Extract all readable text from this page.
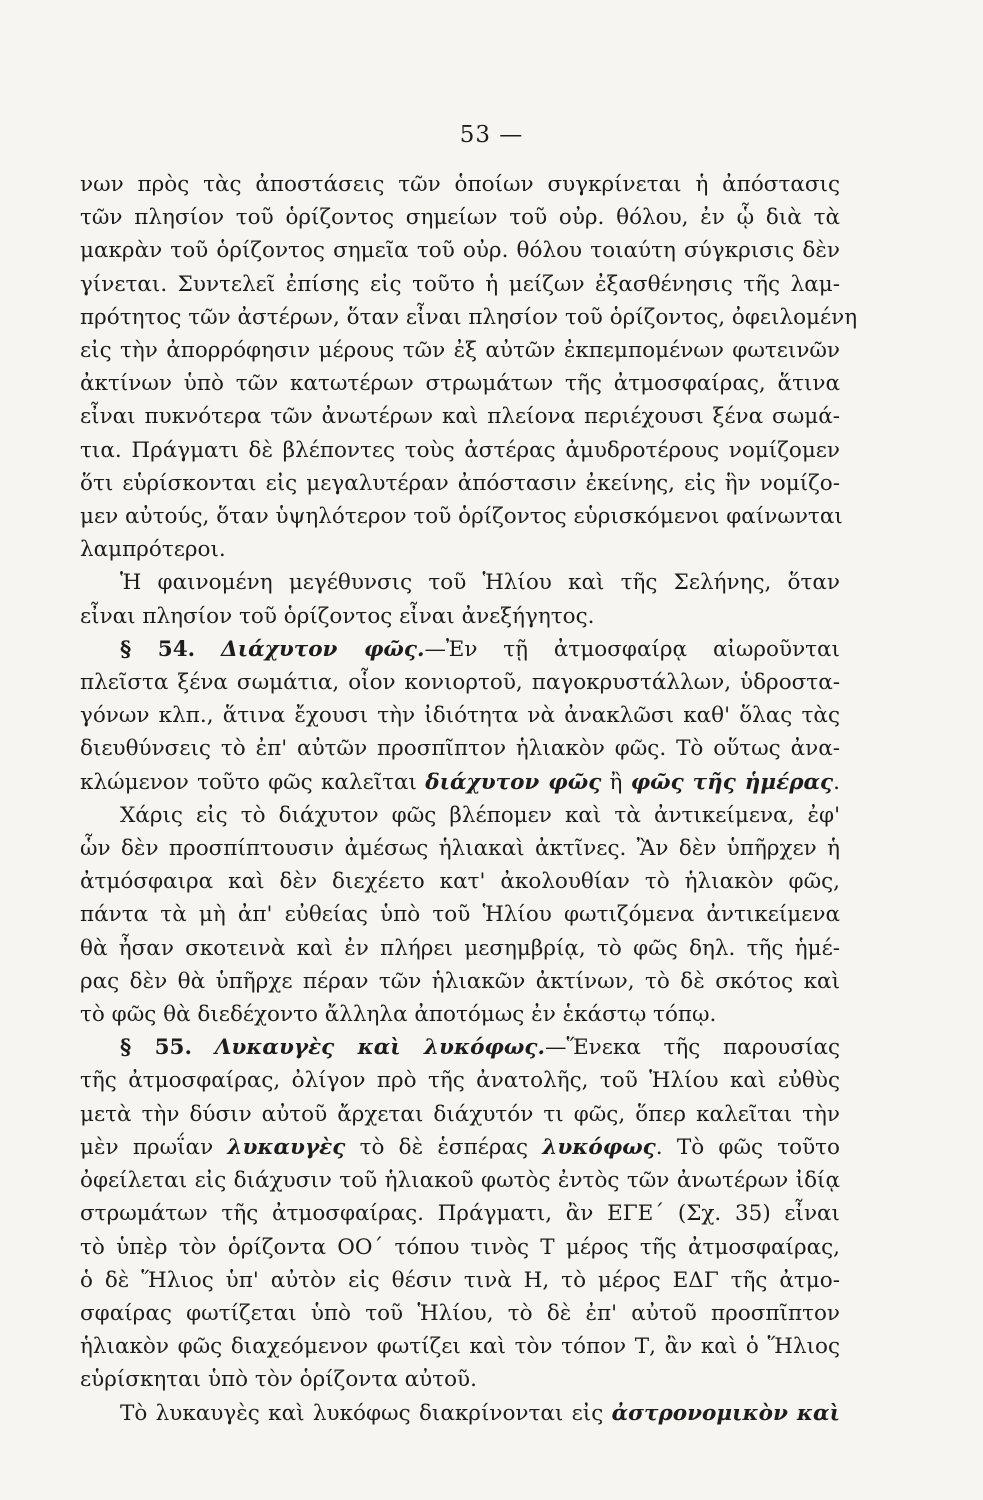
53 —
νων πρὸς τὰς ἀποστάσεις τῶν ὁποίων συγκρίνεται ἡ ἀπόστασις
τῶν πλησίον τοῦ ὁρίζοντος σημείων τοῦ οὐρ. θόλου, ἐν ᾧ διὰ τὰ
μακρὰν τοῦ ὁρίζοντος σημεῖα τοῦ οὐρ. θόλου τοιαύτη σύγκρισις δὲν
γίνεται. Συντελεῖ ἐπίσης εἰς τοῦτο ἡ μείζων ἐξασθένησις τῆς λαμ-
πρότητος τῶν ἀστέρων, ὅταν εἶναι πλησίον τοῦ ὁρίζοντος, ὀφειλομένη
εἰς τὴν ἀπορρόφησιν μέρους τῶν ἐξ αὐτῶν ἐκπεμπομένων φωτεινῶν
ἀκτίνων ὑπὸ τῶν κατωτέρων στρωμάτων τῆς ἀτμοσφαίρας, ἅτινα
εἶναι πυκνότερα τῶν ἀνωτέρων καὶ πλείονα περιέχουσι ξένα σωμά-
τια. Πράγματι δὲ βλέποντες τοὺς ἀστέρας ἀμυδροτέρους νομίζομεν
ὅτι εὑρίσκονται εἰς μεγαλυτέραν ἀπόστασιν ἐκείνης, εἰς ἣν νομίζο-
μεν αὐτούς, ὅταν ὑψηλότερον τοῦ ὁρίζοντος εὑρισκόμενοι φαίνωνται
λαμπρότεροι.
Ἡ φαινομένη μεγέθυνσις τοῦ Ἡλίου καὶ τῆς Σελήνης, ὅταν
εἶναι πλησίον τοῦ ὁρίζοντος εἶναι ἀνεξήγητος.
§ 54. Διάχυτον φῶς.—Ἐν τῇ ἀτμοσφαίρᾳ αἰωροῦνται
πλεῖστα ξένα σωμάτια, οἷον κονιορτοῦ, παγοκρυστάλλων, ὑδροστα-
γόνων κλπ., ἅτινα ἔχουσι τὴν ἰδιότητα νὰ ἀνακλῶσι καθ' ὅλας τὰς
διευθύνσεις τὸ ἐπ' αὐτῶν προσπῖπτον ἡλιακὸν φῶς. Τὸ οὕτως ἀνα-
κλώμενον τοῦτο φῶς καλεῖται διάχυτον φῶς ἢ φῶς τῆς ἡμέρας.
Χάρις εἰς τὸ διάχυτον φῶς βλέπομεν καὶ τὰ ἀντικείμενα, ἐφ'
ὧν δὲν προσπίπτουσιν ἀμέσως ἡλιακαὶ ἀκτῖνες. Ἂν δὲν ὑπῆρχεν ἡ
ἀτμόσφαιρα καὶ δὲν διεχέετο κατ' ἀκολουθίαν τὸ ἡλιακὸν φῶς,
πάντα τὰ μὴ ἀπ' εὐθείας ὑπὸ τοῦ Ἡλίου φωτιζόμενα ἀντικείμενα
θὰ ἦσαν σκοτεινὰ καὶ ἐν πλήρει μεσημβρίᾳ, τὸ φῶς δηλ. τῆς ἡμέ-
ρας δὲν θὰ ὑπῆρχε πέραν τῶν ἡλιακῶν ἀκτίνων, τὸ δὲ σκότος καὶ
τὸ φῶς θὰ διεδέχοντο ἄλληλα ἀποτόμως ἐν ἑκάστῳ τόπῳ.
§ 55. Λυκαυγὲς καὶ λυκόφως.—Ἕνεκα τῆς παρουσίας
τῆς ἀτμοσφαίρας, ὀλίγον πρὸ τῆς ἀνατολῆς, τοῦ Ἡλίου καὶ εὐθὺς
μετὰ τὴν δύσιν αὐτοῦ ἄρχεται διάχυτόν τι φῶς, ὅπερ καλεῖται τὴν
μὲν πρωΐαν λυκαυγὲς τὸ δὲ ἑσπέρας λυκόφως. Τὸ φῶς τοῦτο
ὀφείλεται εἰς διάχυσιν τοῦ ἡλιακοῦ φωτὸς ἐντὸς τῶν ἀνωτέρων ἰδίᾳ
στρωμάτων τῆς ἀτμοσφαίρας. Πράγματι, ἂν ΕΓΕ΄ (Σχ. 35) εἶναι
τὸ ὑπὲρ τὸν ὁρίζοντα ΟΟ΄ τόπου τινὸς Τ μέρος τῆς ἀτμοσφαίρας,
ὁ δὲ Ἥλιος ὑπ' αὐτὸν εἰς θέσιν τινὰ Η, τὸ μέρος ΕΔΓ τῆς ἀτμο-
σφαίρας φωτίζεται ὑπὸ τοῦ Ἡλίου, τὸ δὲ ἐπ' αὐτοῦ προσπῖπτον
ἡλιακὸν φῶς διαχεόμενον φωτίζει καὶ τὸν τόπον Τ, ἂν καὶ ὁ Ἥλιος
εὑρίσκηται ὑπὸ τὸν ὁρίζοντα αὐτοῦ.
Τὸ λυκαυγὲς καὶ λυκόφως διακρίνονται εἰς ἀστρονομικὸν καὶ
